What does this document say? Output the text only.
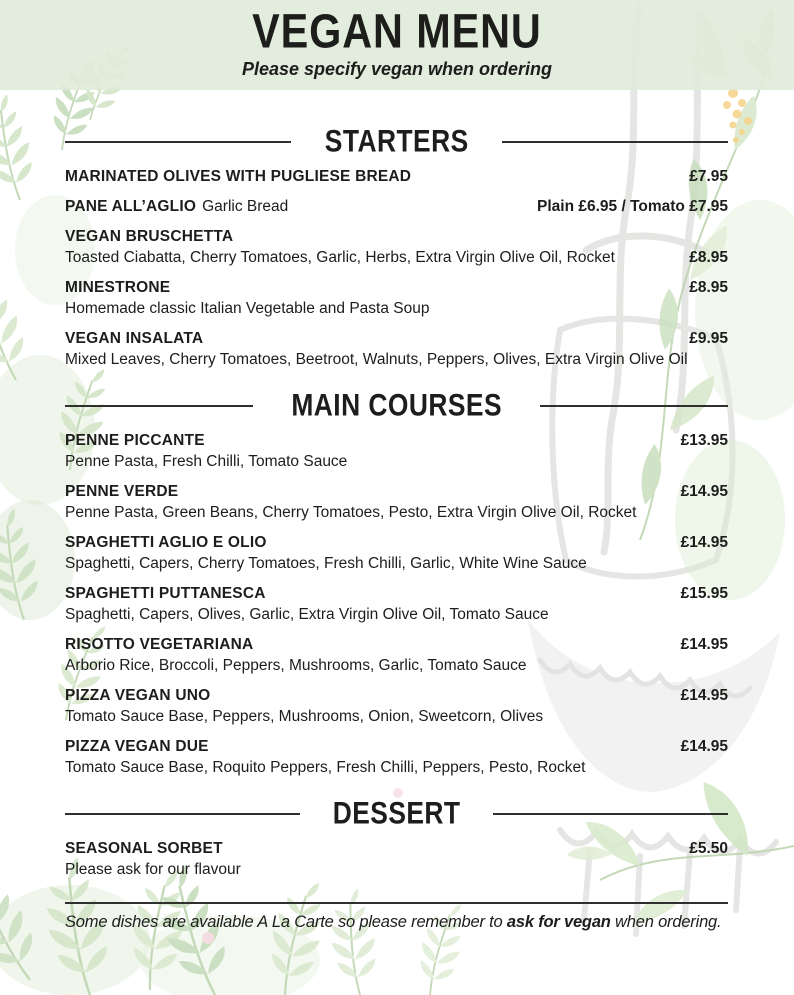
VEGAN MENU
Please specify vegan when ordering
STARTERS
MARINATED OLIVES WITH PUGLIESE BREAD	£7.95
PANE ALL’AGLIO Garlic Bread	Plain £6.95 / Tomato £7.95
VEGAN BRUSCHETTA
Toasted Ciabatta, Cherry Tomatoes, Garlic, Herbs, Extra Virgin Olive Oil, Rocket	£8.95
MINESTRONE	£8.95
Homemade classic Italian Vegetable and Pasta Soup
VEGAN INSALATA	£9.95
Mixed Leaves, Cherry Tomatoes, Beetroot, Walnuts, Peppers, Olives, Extra Virgin Olive Oil
MAIN COURSES
PENNE PICCANTE	£13.95
Penne Pasta, Fresh Chilli, Tomato Sauce
PENNE VERDE	£14.95
Penne Pasta, Green Beans, Cherry Tomatoes, Pesto, Extra Virgin Olive Oil, Rocket
SPAGHETTI AGLIO E OLIO	£14.95
Spaghetti, Capers, Cherry Tomatoes, Fresh Chilli, Garlic, White Wine Sauce
SPAGHETTI PUTTANESCA	£15.95
Spaghetti, Capers, Olives, Garlic, Extra Virgin Olive Oil, Tomato Sauce
RISOTTO VEGETARIANA	£14.95
Arborio Rice, Broccoli, Peppers, Mushrooms, Garlic, Tomato Sauce
PIZZA VEGAN UNO	£14.95
Tomato Sauce Base, Peppers, Mushrooms, Onion, Sweetcorn, Olives
PIZZA VEGAN DUE	£14.95
Tomato Sauce Base, Roquito Peppers, Fresh Chilli, Peppers, Pesto, Rocket
DESSERT
SEASONAL SORBET	£5.50
Please ask for our flavour
Some dishes are available A La Carte so please remember to ask for vegan when ordering.
